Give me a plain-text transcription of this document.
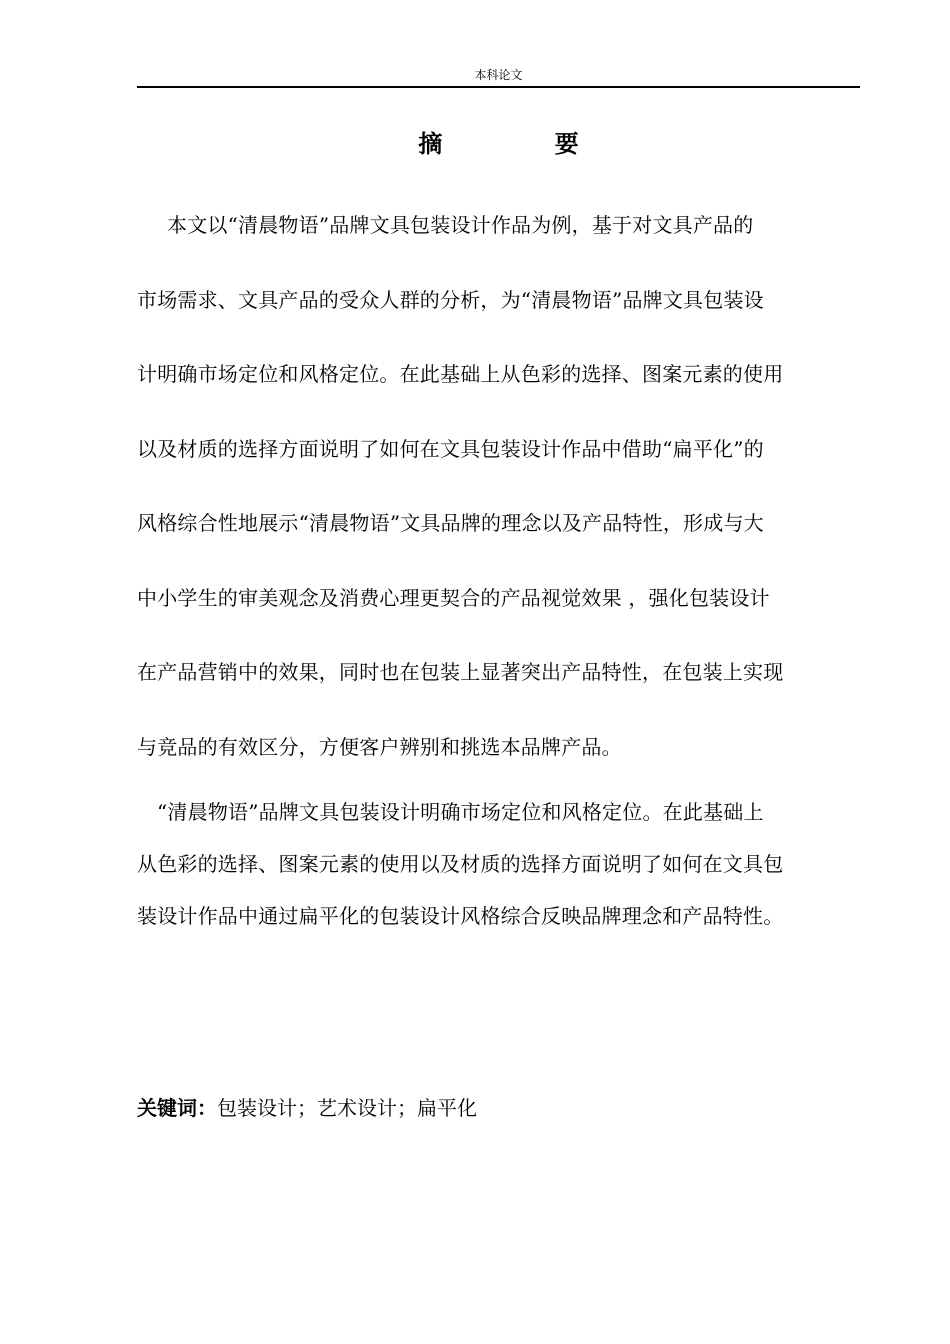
本科论文
摘 要
本文以“清晨物语”品牌文具包装设计作品为例，基于对文具产品的
市场需求、文具产品的受众人群的分析，为“清晨物语”品牌文具包装设
计明确市场定位和风格定位。在此基础上从色彩的选择、图案元素的使用
以及材质的选择方面说明了如何在文具包装设计作品中借助“扁平化”的
风格综合性地展示“清晨物语”文具品牌的理念以及产品特性，形成与大
中小学生的审美观念及消费心理更契合的产品视觉效果 ，强化包装设计
在产品营销中的效果，同时也在包装上显著突出产品特性，在包装上实现
与竞品的有效区分，方便客户辨别和挑选本品牌产品。
“清晨物语”品牌文具包装设计明确市场定位和风格定位。在此基础上
从色彩的选择、图案元素的使用以及材质的选择方面说明了如何在文具包
装设计作品中通过扁平化的包装设计风格综合反映品牌理念和产品特性。
关键词：包装设计；艺术设计；扁平化
